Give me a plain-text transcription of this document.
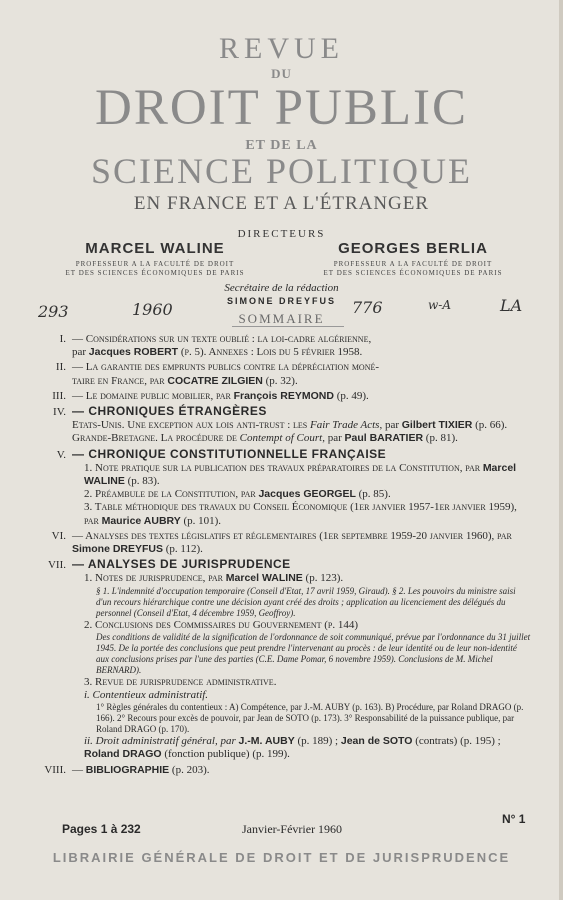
REVUE
DU
DROIT PUBLIC
ET DE LA
SCIENCE POLITIQUE
EN FRANCE ET A L'ÉTRANGER
DIRECTEURS
MARCEL WALINE
PROFESSEUR A LA FACULTÉ DE DROIT
ET DES SCIENCES ÉCONOMIQUES DE PARIS
GEORGES BERLIA
PROFESSEUR A LA FACULTÉ DE DROIT
ET DES SCIENCES ÉCONOMIQUES DE PARIS
Secrétaire de la rédaction
SIMONE DREYFUS
293	1960	776	w-A	LA
SOMMAIRE
I. — Considérations sur un texte oublié : la loi-cadre algérienne,
par Jacques ROBERT (p. 5). Annexes : Lois du 5 février 1958.
II. — La garantie des emprunts publics contre la dépréciation moné-
taire en France, par COCATRE ZILGIEN (p. 32).
III. — Le domaine public mobilier, par François REYMOND (p. 49).
IV. — CHRONIQUES ÉTRANGÈRES
Etats-Unis. Une exception aux lois anti-trust : les Fair Trade Acts, par Gilbert TIXIER (p. 66).
Grande-Bretagne. La procédure de Contempt of Court, par Paul BARATIER (p. 81).
V. — CHRONIQUE CONSTITUTIONNELLE FRANÇAISE
1. Note pratique sur la publication des travaux préparatoires de la Constitution, par Marcel WALINE (p. 83).
2. Préambule de la Constitution, par Jacques GEORGEL (p. 85).
3. Table méthodique des travaux du Conseil Économique (1er janvier 1957-1er janvier 1959), par Maurice AUBRY (p. 101).
VI. — Analyses des textes législatifs et réglementaires (1er septembre 1959-20 janvier 1960), par Simone DREYFUS (p. 112).
VII. — ANALYSES DE JURISPRUDENCE
1. Notes de jurisprudence, par Marcel WALINE (p. 123).
§ 1. L'indemnité d'occupation temporaire (Conseil d'Etat, 17 avril 1959, Giraud). § 2. Les pouvoirs du ministre saisi d'un recours hiérarchique contre une décision ayant créé des droits ; application au licenciement des délégués du personnel (Conseil d'Etat, 4 décembre 1959, Geoffroy).
2. Conclusions des Commissaires du Gouvernement (p. 144)
Des conditions de validité de la signification de l'ordonnance de soit communiqué, prévue par l'ordonnance du 31 juillet 1945. De la portée des conclusions que peut prendre l'intervenant au procès : de leur identité ou de leur non-identité aux conclusions prises par l'une des parties (C.E. Dame Pomar, 6 novembre 1959). Conclusions de M. Michel BERNARD).
3. Revue de jurisprudence administrative.
i. Contentieux administratif.
1° Règles générales du contentieux : A) Compétence, par J.-M. AUBY (p. 163). B) Procédure, par Roland DRAGO (p. 166). 2° Recours pour excès de pouvoir, par Jean de SOTO (p. 173). 3° Responsabilité de la puissance publique, par Roland DRAGO (p. 170).
ii. Droit administratif général, par J.-M. AUBY (p. 189) ; Jean de SOTO (contrats) (p. 195) ; Roland DRAGO (fonction publique) (p. 199).
VIII. — BIBLIOGRAPHIE (p. 203).
Pages 1 à 232	Janvier-Février 1960
N° 1
LIBRAIRIE GÉNÉRALE DE DROIT ET DE JURISPRUDENCE
